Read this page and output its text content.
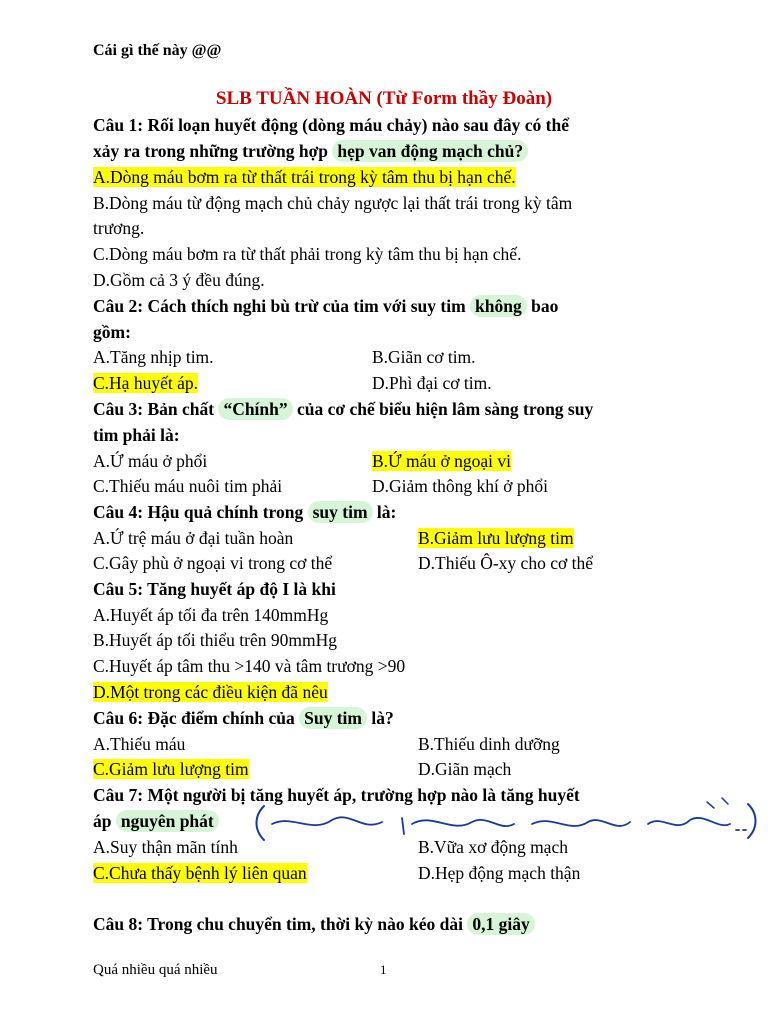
Cái gì thế này @@
SLB TUẦN HOÀN (Từ Form thầy Đoàn)
Câu 1: Rối loạn huyết động (dòng máu chảy) nào sau đây có thể
xảy ra trong những trường hợp hẹp van động mạch chủ?
A.Dòng máu bơm ra từ thất trái trong kỳ tâm thu bị hạn chế.
B.Dòng máu từ động mạch chủ chảy ngược lại thất trái trong kỳ tâm
trương.
C.Dòng máu bơm ra từ thất phải trong kỳ tâm thu bị hạn chế.
D.Gồm cả 3 ý đều đúng.
Câu 2: Cách thích nghi bù trừ của tim với suy tim không bao
gồm:
A.Tăng nhịp tim.	B.Giãn cơ tim.
C.Hạ huyết áp.	D.Phì đại cơ tim.
Câu 3: Bản chất “Chính” của cơ chế biểu hiện lâm sàng trong suy
tim phải là:
A.Ứ máu ở phổi	B.Ứ máu ở ngoại vi
C.Thiếu máu nuôi tim phải	D.Giảm thông khí ở phổi
Câu 4: Hậu quả chính trong suy tim là:
A.Ứ trệ máu ở đại tuần hoàn	B.Giảm lưu lượng tim
C.Gây phù ở ngoại vi trong cơ thể	D.Thiếu Ô-xy cho cơ thể
Câu 5: Tăng huyết áp độ I là khi
A.Huyết áp tối đa trên 140mmHg
B.Huyết áp tối thiểu trên 90mmHg
C.Huyết áp tâm thu >140 và tâm trương >90
D.Một trong các điều kiện đã nêu
Câu 6: Đặc điểm chính của Suy tim là?
A.Thiếu máu	B.Thiếu dinh dưỡng
C.Giảm lưu lượng tim	D.Giãn mạch
Câu 7: Một người bị tăng huyết áp, trường hợp nào là tăng huyết
áp nguyên phát
A.Suy thận mãn tính	B.Vữa xơ động mạch
C.Chưa thấy bệnh lý liên quan	D.Hẹp động mạch thận
Câu 8: Trong chu chuyển tim, thời kỳ nào kéo dài 0,1 giây
Quá nhiều quá nhiều	1
